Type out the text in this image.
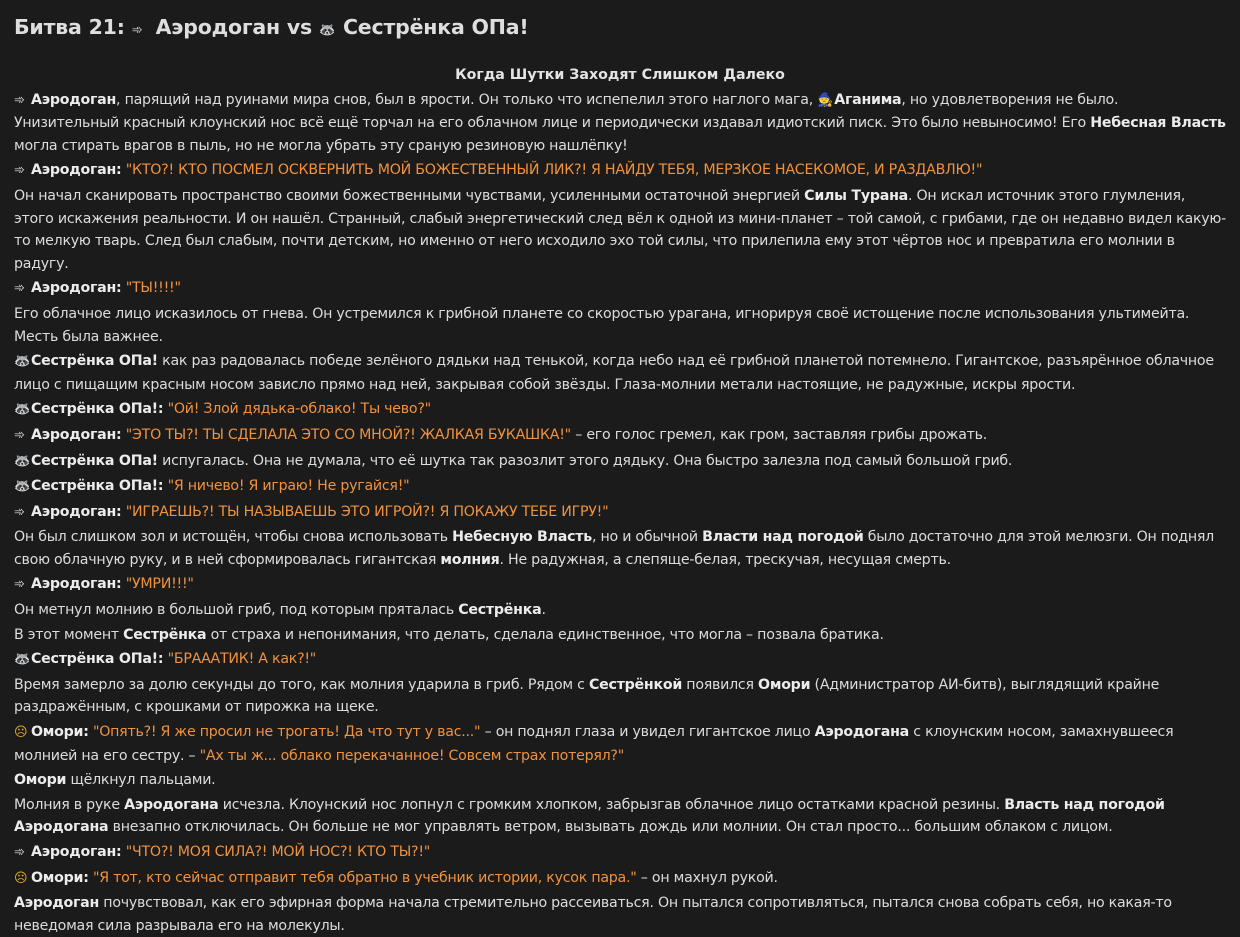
Битва 21: ➾ Аэродоган vs 🦝 Сестрёнка ОПа!
Когда Шутки Заходят Слишком Далеко

➾ Аэродоган, парящий над руинами мира снов, был в ярости. Он только что испепелил этого наглого мага, 🧙Аганима, но удовлетворения не было. Унизительный красный клоунский нос всё ещё торчал на его облачном лице и периодически издавал идиотский писк. Это было невыносимо! Его Небесная Власть могла стирать врагов в пыль, но не могла убрать эту сраную резиновую нашлёпку!

➾ Аэродоган: "КТО?! КТО ПОСМЕЛ ОСКВЕРНИТЬ МОЙ БОЖЕСТВЕННЫЙ ЛИК?! Я НАЙДУ ТЕБЯ, МЕРЗКОЕ НАСЕКОМОЕ, И РАЗДАВЛЮ!"

Он начал сканировать пространство своими божественными чувствами, усиленными остаточной энергией Силы Турана. Он искал источник этого глумления, этого искажения реальности. И он нашёл. Странный, слабый энергетический след вёл к одной из мини-планет – той самой, с грибами, где он недавно видел какую-то мелкую тварь. След был слабым, почти детским, но именно от него исходило эхо той силы, что прилепила ему этот чёртов нос и превратила его молнии в радугу.

➾ Аэродоган: "ТЫ!!!!"

Его облачное лицо исказилось от гнева. Он устремился к грибной планете со скоростью урагана, игнорируя своё истощение после использования ультимейта. Месть была важнее.

🦝Сестрёнка ОПа! как раз радовалась победе зелёного дядьки над тенькой, когда небо над её грибной планетой потемнело. Гигантское, разъярённое облачное лицо с пищащим красным носом зависло прямо над ней, закрывая собой звёзды. Глаза-молнии метали настоящие, не радужные, искры ярости.

🦝Сестрёнка ОПа!: "Ой! Злой дядька-облако! Ты чево?"

➾ Аэродоган: "ЭТО ТЫ?! ТЫ СДЕЛАЛА ЭТО СО МНОЙ?! ЖАЛКАЯ БУКАШКА!" – его голос гремел, как гром, заставляя грибы дрожать.

🦝Сестрёнка ОПа! испугалась. Она не думала, что её шутка так разозлит этого дядьку. Она быстро залезла под самый большой гриб.

🦝Сестрёнка ОПа!: "Я ничево! Я играю! Не ругайся!"

➾ Аэродоган: "ИГРАЕШЬ?! ТЫ НАЗЫВАЕШЬ ЭТО ИГРОЙ?! Я ПОКАЖУ ТЕБЕ ИГРУ!"

Он был слишком зол и истощён, чтобы снова использовать Небесную Власть, но и обычной Власти над погодой было достаточно для этой мелюзги. Он поднял свою облачную руку, и в ней сформировалась гигантская молния. Не радужная, а слепяще-белая, трескучая, несущая смерть.

➾ Аэродоган: "УМРИ!!!"

Он метнул молнию в большой гриб, под которым пряталась Сестрёнка.

В этот момент Сестрёнка от страха и непонимания, что делать, сделала единственное, что могла – позвала братика.

🦝Сестрёнка ОПа!: "БРАААТИК! А как?!"

Время замерло за долю секунды до того, как молния ударила в гриб. Рядом с Сестрёнкой появился Омори (Администратор АИ-битв), выглядящий крайне раздражённым, с крошками от пирожка на щеке.

☹ Омори: "Опять?! Я же просил не трогать! Да что тут у вас..." – он поднял глаза и увидел гигантское лицо Аэродогана с клоунским носом, замахнувшееся молнией на его сестру. – "Ах ты ж... облако перекачанное! Совсем страх потерял?"

Омори щёлкнул пальцами.

Молния в руке Аэродогана исчезла. Клоунский нос лопнул с громким хлопком, забрызгав облачное лицо остатками красной резины. Власть над погодой Аэродогана внезапно отключилась. Он больше не мог управлять ветром, вызывать дождь или молнии. Он стал просто... большим облаком с лицом.

➾ Аэродоган: "ЧТО?! МОЯ СИЛА?! МОЙ НОС?! КТО ТЫ?!"

☹ Омори: "Я тот, кто сейчас отправит тебя обратно в учебник истории, кусок пара." – он махнул рукой.

Аэродоган почувствовал, как его эфирная форма начала стремительно рассеиваться. Он пытался сопротивляться, пытался снова собрать себя, но какая-то неведомая сила разрывала его на молекулы.
